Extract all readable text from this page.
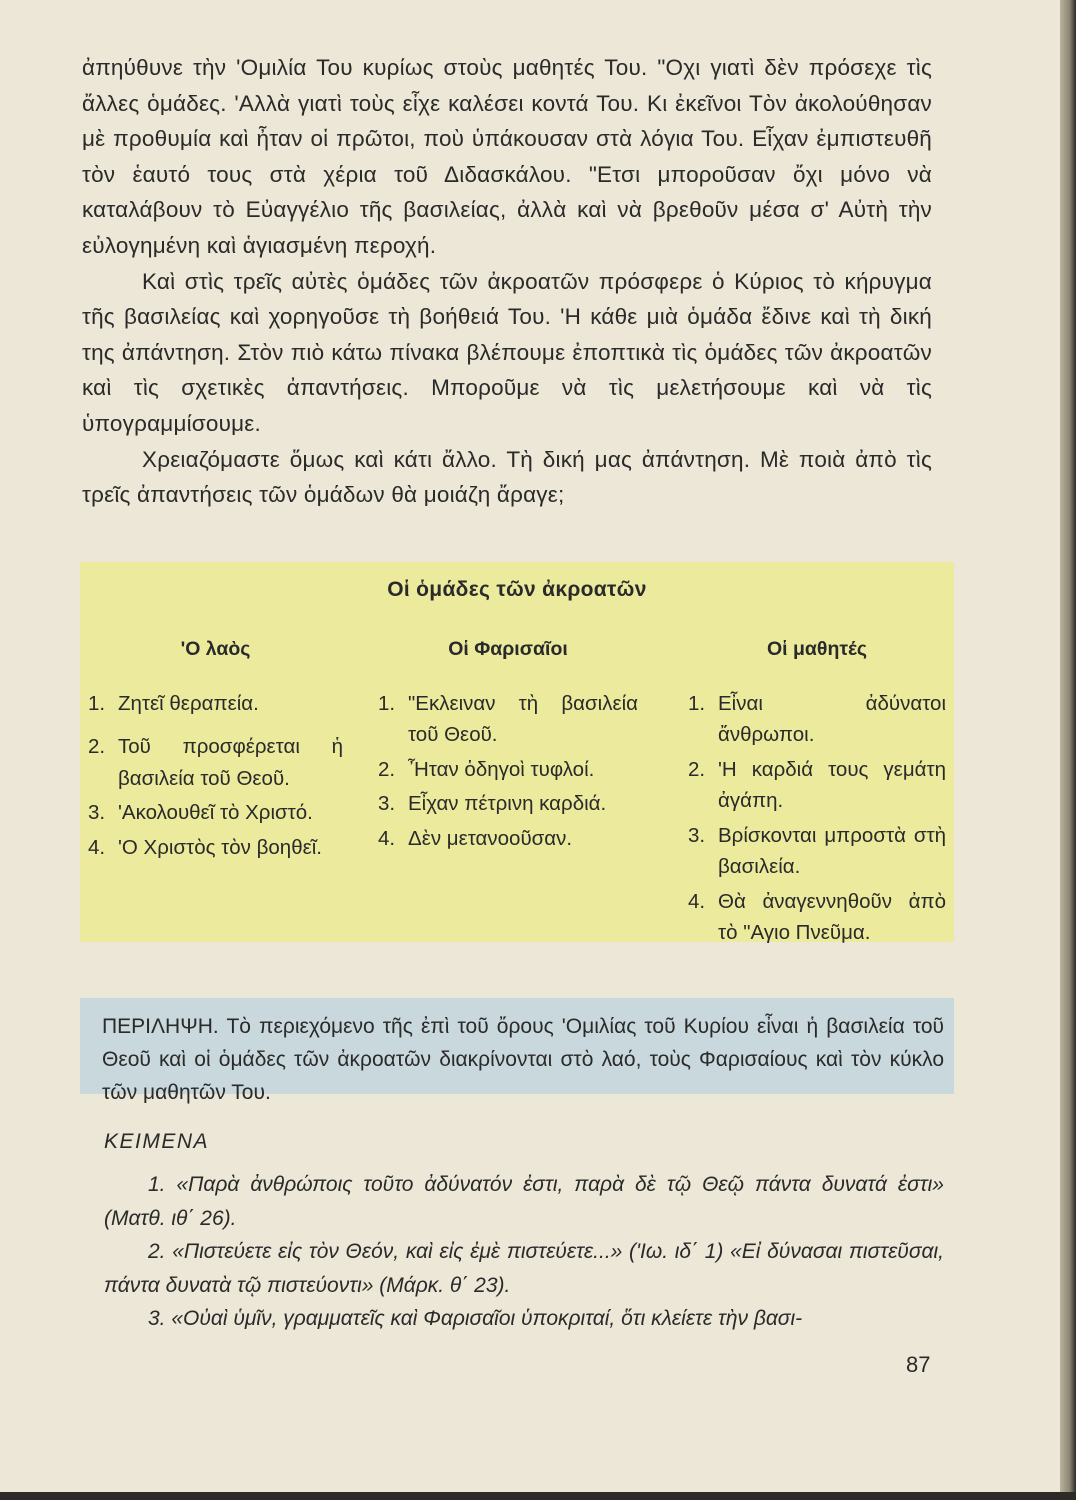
ἀπηύθυνε τὴν 'Ομιλία Του κυρίως στοὺς μαθητές Του. "Οχι γιατὶ δὲν πρόσεχε τὶς ἄλλες ὁμάδες. 'Αλλὰ γιατὶ τοὺς εἶχε καλέσει κοντά Του. Κι ἐκεῖνοι Τὸν ἀκολούθησαν μὲ προθυμία καὶ ἦταν οἱ πρῶτοι, ποὺ ὑπάκουσαν στὰ λόγια Του. Εἶχαν ἐμπιστευθῆ τὸν ἑαυτό τους στὰ χέρια τοῦ Διδασκάλου. "Ετσι μποροῦσαν ὄχι μόνο νὰ καταλάβουν τὸ Εὐαγγέλιο τῆς βασιλείας, ἀλλὰ καὶ νὰ βρεθοῦν μέσα σ' Αὐτὴ τὴν εὐλογημένη καὶ ἁγιασμένη περοχή.

Καὶ στὶς τρεῖς αὐτὲς ὁμάδες τῶν ἀκροατῶν πρόσφερε ὁ Κύριος τὸ κήρυγμα τῆς βασιλείας καὶ χορηγοῦσε τὴ βοήθειά Του. 'Η κάθε μιὰ ὁμάδα ἔδινε καὶ τὴ δική της ἀπάντηση. Στὸν πιὸ κάτω πίνακα βλέπουμε ἐποπτικὰ τὶς ὁμάδες τῶν ἀκροατῶν καὶ τὶς σχετικὲς ἀπαντήσεις. Μποροῦμε νὰ τὶς μελετήσουμε καὶ νὰ τὶς ὑπογραμμίσουμε.

Χρειαζόμαστε ὅμως καὶ κάτι ἄλλο. Τὴ δική μας ἀπάντηση. Μὲ ποιὰ ἀπὸ τὶς τρεῖς ἀπαντήσεις τῶν ὁμάδων θὰ μοιάζη ἄραγε;

Οἱ ὁμάδες τῶν ἀκροατῶν
'Ο λαὸς
1. Ζητεῖ θεραπεία.
2. Τοῦ προσφέρεται ἡ βασιλεία τοῦ Θεοῦ.
3. 'Ακολουθεῖ τὸ Χριστό.
4. 'Ο Χριστὸς τὸν βοηθεῖ.
Οἱ Φαρισαῖοι
1. "Εκλειναν τὴ βασιλεία τοῦ Θεοῦ.
2. Ἦταν ὁδηγοὶ τυφλοί.
3. Εἶχαν πέτρινη καρδιά.
4. Δὲν μετανοοῦσαν.
Οἱ μαθητές
1. Εἶναι ἀδύνατοι ἄνθρωποι.
2. 'Η καρδιά τους γεμάτη ἀγάπη.
3. Βρίσκονται μπροστὰ στὴ βασιλεία.
4. Θὰ ἀναγεννηθοῦν ἀπὸ τὸ "Αγιο Πνεῦμα.
ΠΕΡΙΛΗΨΗ. Τὸ περιεχόμενο τῆς ἐπὶ τοῦ ὄρους 'Ομιλίας τοῦ Κυρίου εἶναι ἡ βασιλεία τοῦ Θεοῦ καὶ οἱ ὁμάδες τῶν ἀκροατῶν διακρίνονται στὸ λαό, τοὺς Φαρισαίους καὶ τὸν κύκλο τῶν μαθητῶν Του.
ΚΕΙΜΕΝΑ

1. «Παρὰ ἀνθρώποις τοῦτο ἀδύνατόν ἐστι, παρὰ δὲ τῷ Θεῷ πάντα δυνατά ἐστι» (Ματθ. ιθ΄ 26).

2. «Πιστεύετε εἰς τὸν Θεόν, καὶ εἰς ἐμὲ πιστεύετε...» ('Ιω. ιδ΄ 1) «Εἰ δύνασαι πιστεῦσαι, πάντα δυνατὰ τῷ πιστεύοντι» (Μάρκ. θ΄ 23).

3. «Οὐαὶ ὑμῖν, γραμματεῖς καὶ Φαρισαῖοι ὑποκριταί, ὅτι κλείετε τὴν βασι-

87
